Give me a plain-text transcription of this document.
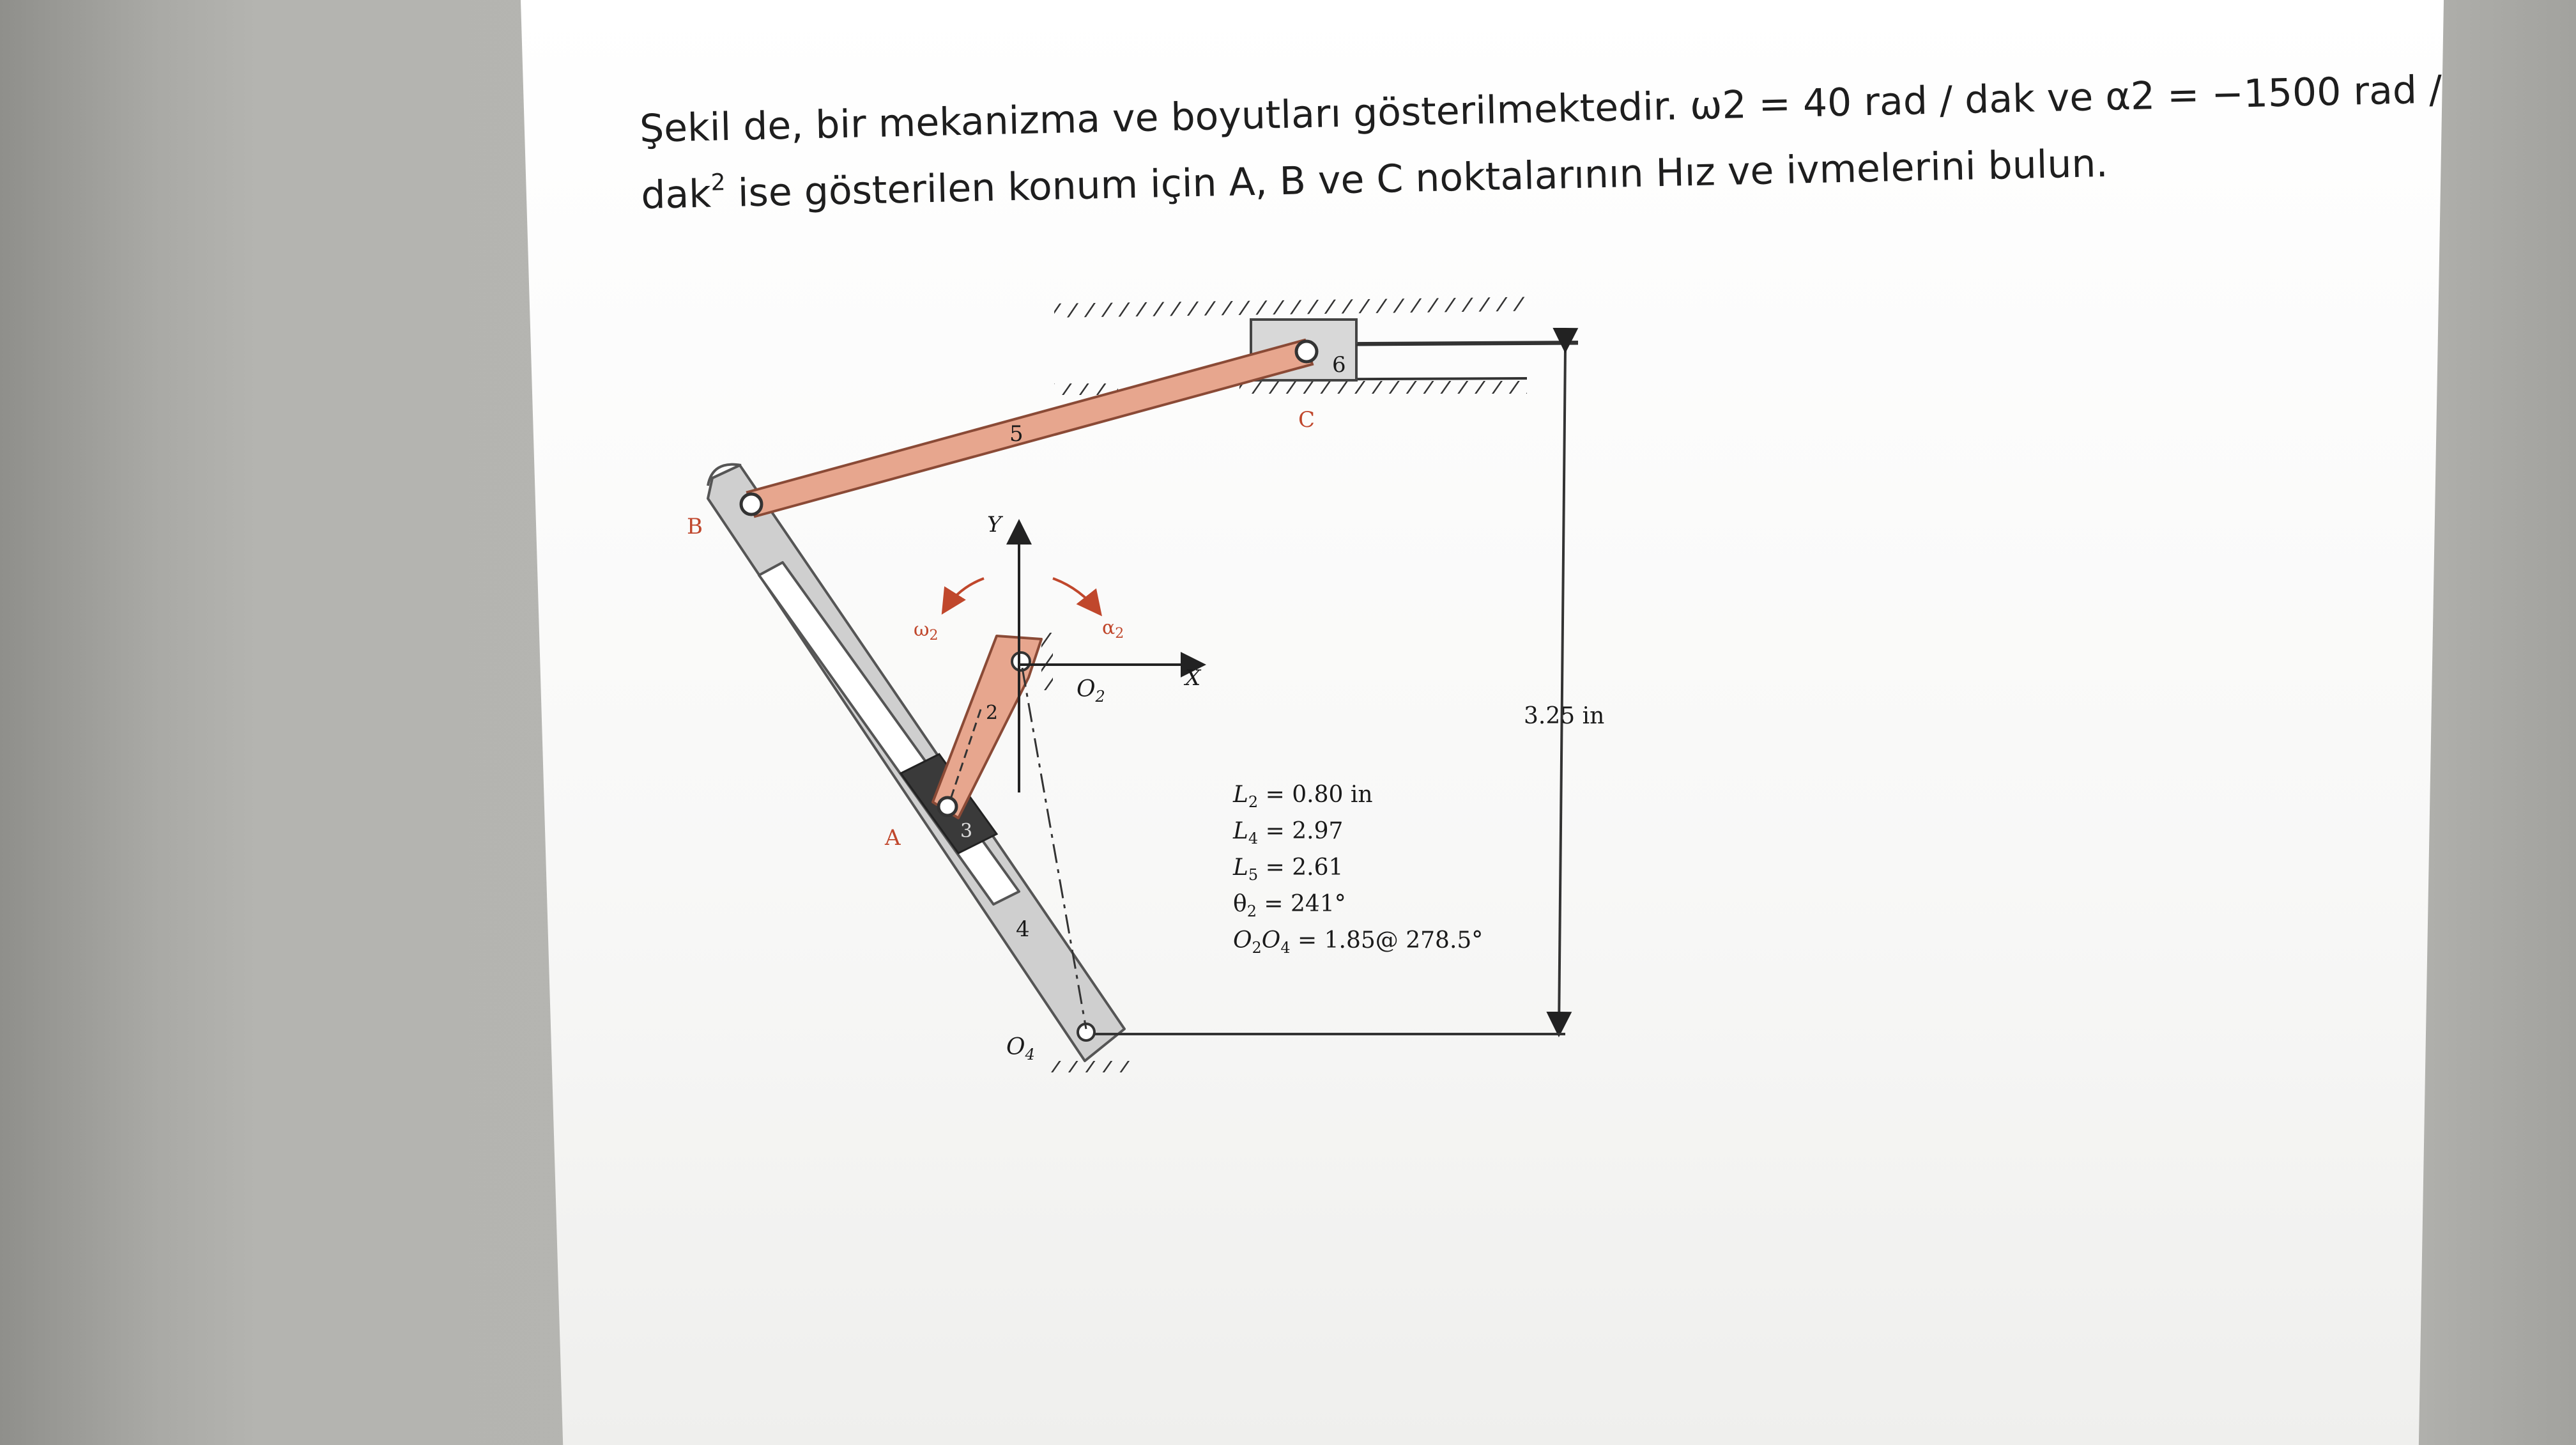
Şekil de, bir mekanizma ve boyutları gösterilmektedir. ω2 = 40 rad / dak ve α2 = −1500 rad /
dak$^2$ ise gösterilen konum için A, B ve C noktalarının Hız ve ivmelerini bulun.
5
6
2
3
4
B
A
C
$O_2$
$O_4$
Y
X
$\omega_2$	$\alpha_2$
3.25 in
$L_2 = 0.80$ in
$L_4 = 2.97$
$L_5 = 2.61$
$\theta_2 = 241^\circ$
$O_2O_4$ = 1.85@ 278.5°
